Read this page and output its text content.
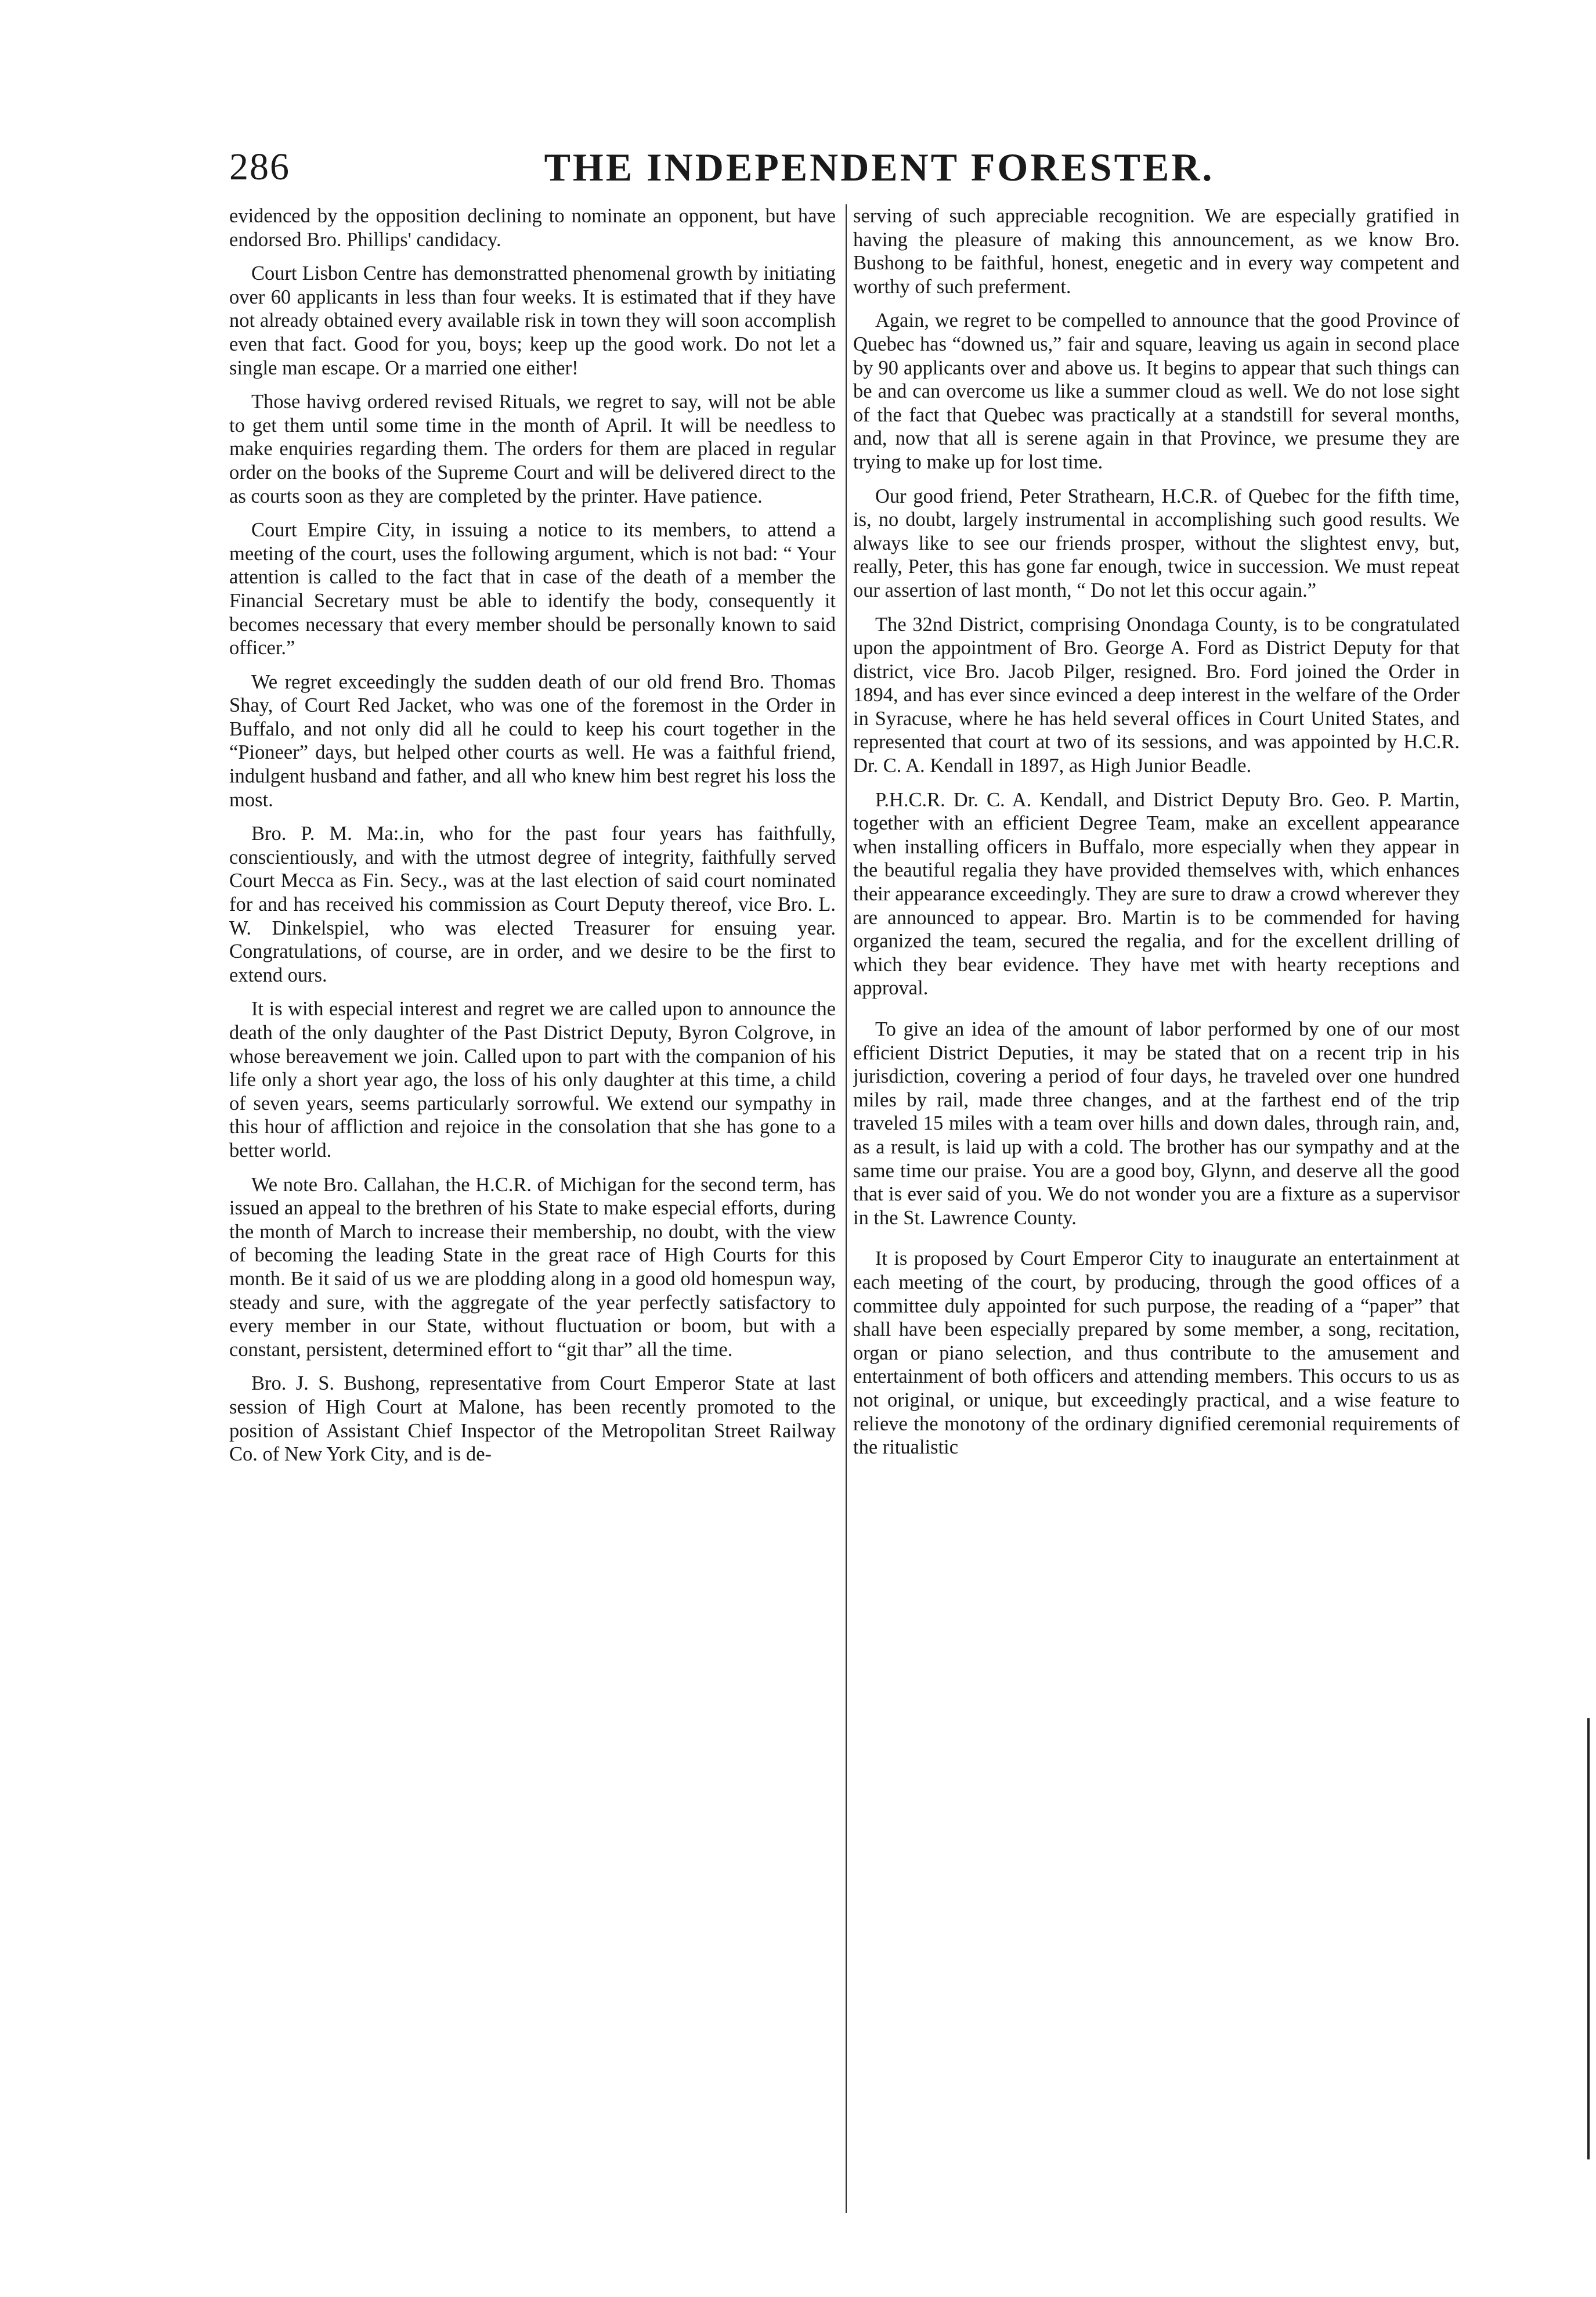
286	THE INDEPENDENT FORESTER.

evidenced by the opposition declining to nominate an opponent, but have endorsed Bro. Phillips' candidacy.

Court Lisbon Centre has demonstratted phenomenal growth by initiating over 60 applicants in less than four weeks. It is estimated that if they have not already obtained every available risk in town they will soon accomplish even that fact. Good for you, boys; keep up the good work. Do not let a single man escape. Or a married one either!

Those havivg ordered revised Rituals, we regret to say, will not be able to get them until some time in the month of April. It will be needless to make enquiries regarding them. The orders for them are placed in regular order on the books of the Supreme Court and will be delivered direct to the as courts soon as they are completed by the printer. Have patience.

Court Empire City, in issuing a notice to its members, to attend a meeting of the court, uses the following argument, which is not bad: “ Your attention is called to the fact that in case of the death of a member the Financial Secretary must be able to identify the body, consequently it becomes necessary that every member should be personally known to said officer.”

We regret exceedingly the sudden death of our old frend Bro. Thomas Shay, of Court Red Jacket, who was one of the foremost in the Order in Buffalo, and not only did all he could to keep his court together in the “Pioneer” days, but helped other courts as well. He was a faithful friend, indulgent husband and father, and all who knew him best regret his loss the most.

Bro. P. M. Ma:.in, who for the past four years has faithfully, conscientiously, and with the utmost degree of integrity, faithfully served Court Mecca as Fin. Secy., was at the last election of said court nominated for and has received his commission as Court Deputy thereof, vice Bro. L. W. Dinkelspiel, who was elected Treasurer for ensuing year. Congratulations, of course, are in order, and we desire to be the first to extend ours.

It is with especial interest and regret we are called upon to announce the death of the only daughter of the Past District Deputy, Byron Colgrove, in whose bereavement we join. Called upon to part with the companion of his life only a short year ago, the loss of his only daughter at this time, a child of seven years, seems particularly sorrowful. We extend our sympathy in this hour of affliction and rejoice in the consolation that she has gone to a better world.

We note Bro. Callahan, the H.C.R. of Michigan for the second term, has issued an appeal to the brethren of his State to make especial efforts, during the month of March to increase their membership, no doubt, with the view of becoming the leading State in the great race of High Courts for this month. Be it said of us we are plodding along in a good old homespun way, steady and sure, with the aggregate of the year perfectly satisfactory to every member in our State, without fluctuation or boom, but with a constant, persistent, determined effort to “git thar” all the time.

Bro. J. S. Bushong, representative from Court Emperor State at last session of High Court at Malone, has been recently promoted to the position of Assistant Chief Inspector of the Metropolitan Street Railway Co. of New York City, and is de-

serving of such appreciable recognition. We are especially gratified in having the pleasure of making this announcement, as we know Bro. Bushong to be faithful, honest, enegetic and in every way competent and worthy of such preferment.

Again, we regret to be compelled to announce that the good Province of Quebec has “downed us,” fair and square, leaving us again in second place by 90 applicants over and above us. It begins to appear that such things can be and can overcome us like a summer cloud as well. We do not lose sight of the fact that Quebec was practically at a standstill for several months, and, now that all is serene again in that Province, we presume they are trying to make up for lost time.

Our good friend, Peter Strathearn, H.C.R. of Quebec for the fifth time, is, no doubt, largely instrumental in accomplishing such good results. We always like to see our friends prosper, without the slightest envy, but, really, Peter, this has gone far enough, twice in succession. We must repeat our assertion of last month, “ Do not let this occur again.”

The 32nd District, comprising Onondaga County, is to be congratulated upon the appointment of Bro. George A. Ford as District Deputy for that district, vice Bro. Jacob Pilger, resigned. Bro. Ford joined the Order in 1894, and has ever since evinced a deep interest in the welfare of the Order in Syracuse, where he has held several offices in Court United States, and represented that court at two of its sessions, and was appointed by H.C.R. Dr. C. A. Kendall in 1897, as High Junior Beadle.

P.H.C.R. Dr. C. A. Kendall, and District Deputy Bro. Geo. P. Martin, together with an efficient Degree Team, make an excellent appearance when installing officers in Buffalo, more especially when they appear in the beautiful regalia they have provided themselves with, which enhances their appearance exceedingly. They are sure to draw a crowd wherever they are announced to appear. Bro. Martin is to be commended for having organized the team, secured the regalia, and for the excellent drilling of which they bear evidence. They have met with hearty receptions and approval.

To give an idea of the amount of labor performed by one of our most efficient District Deputies, it may be stated that on a recent trip in his jurisdiction, covering a period of four days, he traveled over one hundred miles by rail, made three changes, and at the farthest end of the trip traveled 15 miles with a team over hills and down dales, through rain, and, as a result, is laid up with a cold. The brother has our sympathy and at the same time our praise. You are a good boy, Glynn, and deserve all the good that is ever said of you. We do not wonder you are a fixture as a supervisor in the St. Lawrence County.

It is proposed by Court Emperor City to inaugurate an entertainment at each meeting of the court, by producing, through the good offices of a committee duly appointed for such purpose, the reading of a “paper” that shall have been especially prepared by some member, a song, recitation, organ or piano selection, and thus contribute to the amusement and entertainment of both officers and attending members. This occurs to us as not original, or unique, but exceedingly practical, and a wise feature to relieve the monotony of the ordinary dignified ceremonial requirements of the ritualistic
